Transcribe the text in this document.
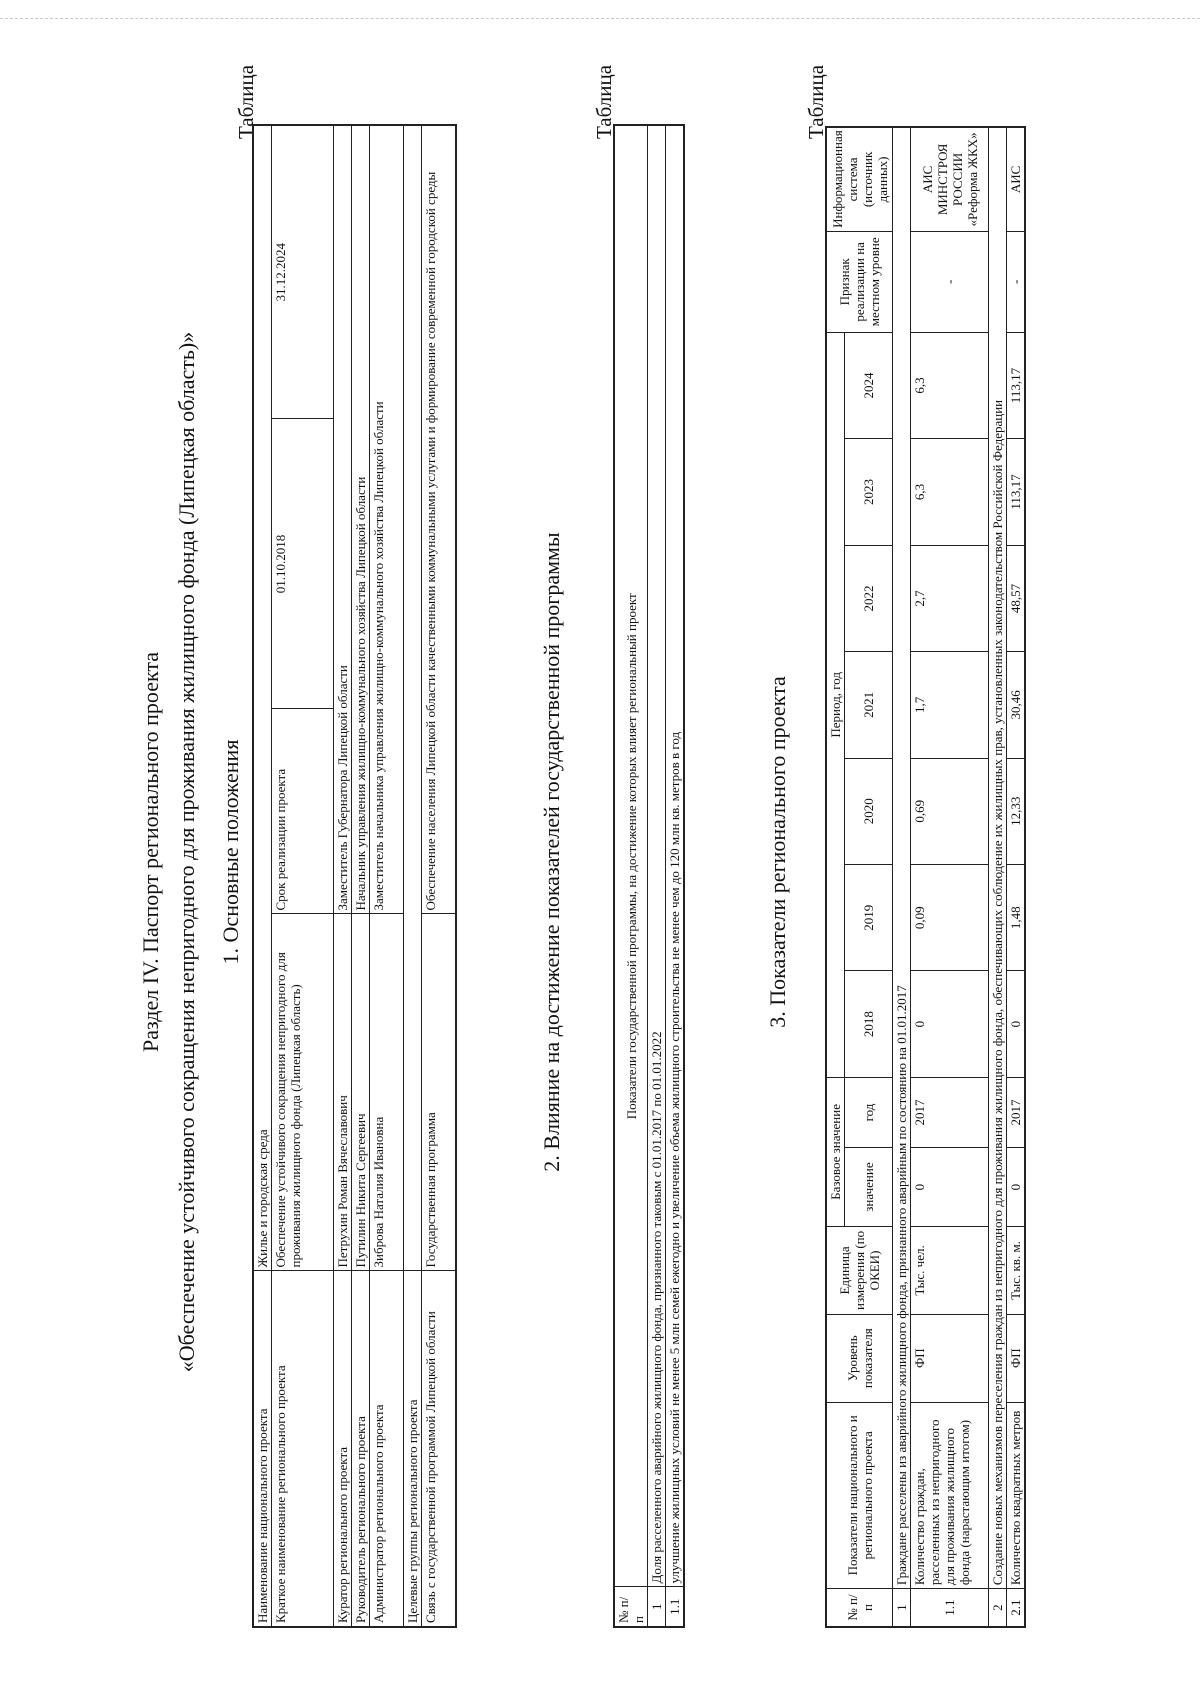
Раздел IV. Паспорт регионального проекта «Обеспечение устойчивого сокращения непригодного для проживания жилищного фонда (Липецкая область)» 1. Основные положения
Таблица
Наименование национального проекта	Жилье и городская среда			
Краткое наименование регионального проекта	Обеспечение устойчивого сокращения непригодного для проживания жилищного фонда (Липецкая область)	Срок реализации проекта	01.10.2018	31.12.2024
Куратор регионального проекта	Петрухин Роман Вячеславович	Заместитель Губернатора Липецкой области		
Руководитель регионального проекта	Путилин Никита Сергеевич	Начальник управления жилищно-коммунального хозяйства Липецкой области		
Администратор регионального проекта	Зиброва Наталия Ивановна	Заместитель начальника управления жилищно-коммунального хозяйства Липецкой области		
Целевые группы регионального проекта				
Связь с государственной программой Липецкой области	Государственная программа	Обеспечение населения Липецкой области качественными коммунальными услугами и формирование современной городской среды			2. Влияние на достижение показателей государственной программы
Таблица
№ п/п	Показатели государственной программы, на достижение которых влияет региональный проект
1	Доля расселенного аварийного жилищного фонда, признанного таковым с 01.01.2017 по 01.01.2022
1.1	улучшение жилищных условий не менее 5 млн семей ежегодно и увеличение объема жилищного строительства не менее чем до 120 млн кв. метров в год	3. Показатели регионального проекта
Таблица
№ п/п	Показатели национального и регионального проекта	Уровень показателя	Единица измерения (по ОКЕИ)	Базовое значение		Период, год							Признак реализации на местном уровне	Информационная система (источник данных)
				значение	год	2018	2019	2020	2021	2022	2023	2024		
1	Граждане расселены из аварийного жилищного фонда, признанного аварийным по состоянию на 01.01.2017													
1.1	Количество граждан, расселенных из непригодного для проживания жилищного фонда (нарастающим итогом)	ФП	Тыс. чел.	0	2017	0	0,09	0,69	1,7	2,7	6,3	6,3	-	АИС МИНСТРОЯ РОССИИ «Реформа ЖКХ»
2	Создание новых механизмов переселения граждан из непригодного для проживания жилищного фонда, обеспечивающих соблюдение их жилищных прав, установленных законодательством Российской Федерации													
2.1	Количество квадратных метров	ФП	Тыс. кв. м.	0	2017	0	1,48	12,33	30,46	48,57	113,17	113,17	-	АИС
